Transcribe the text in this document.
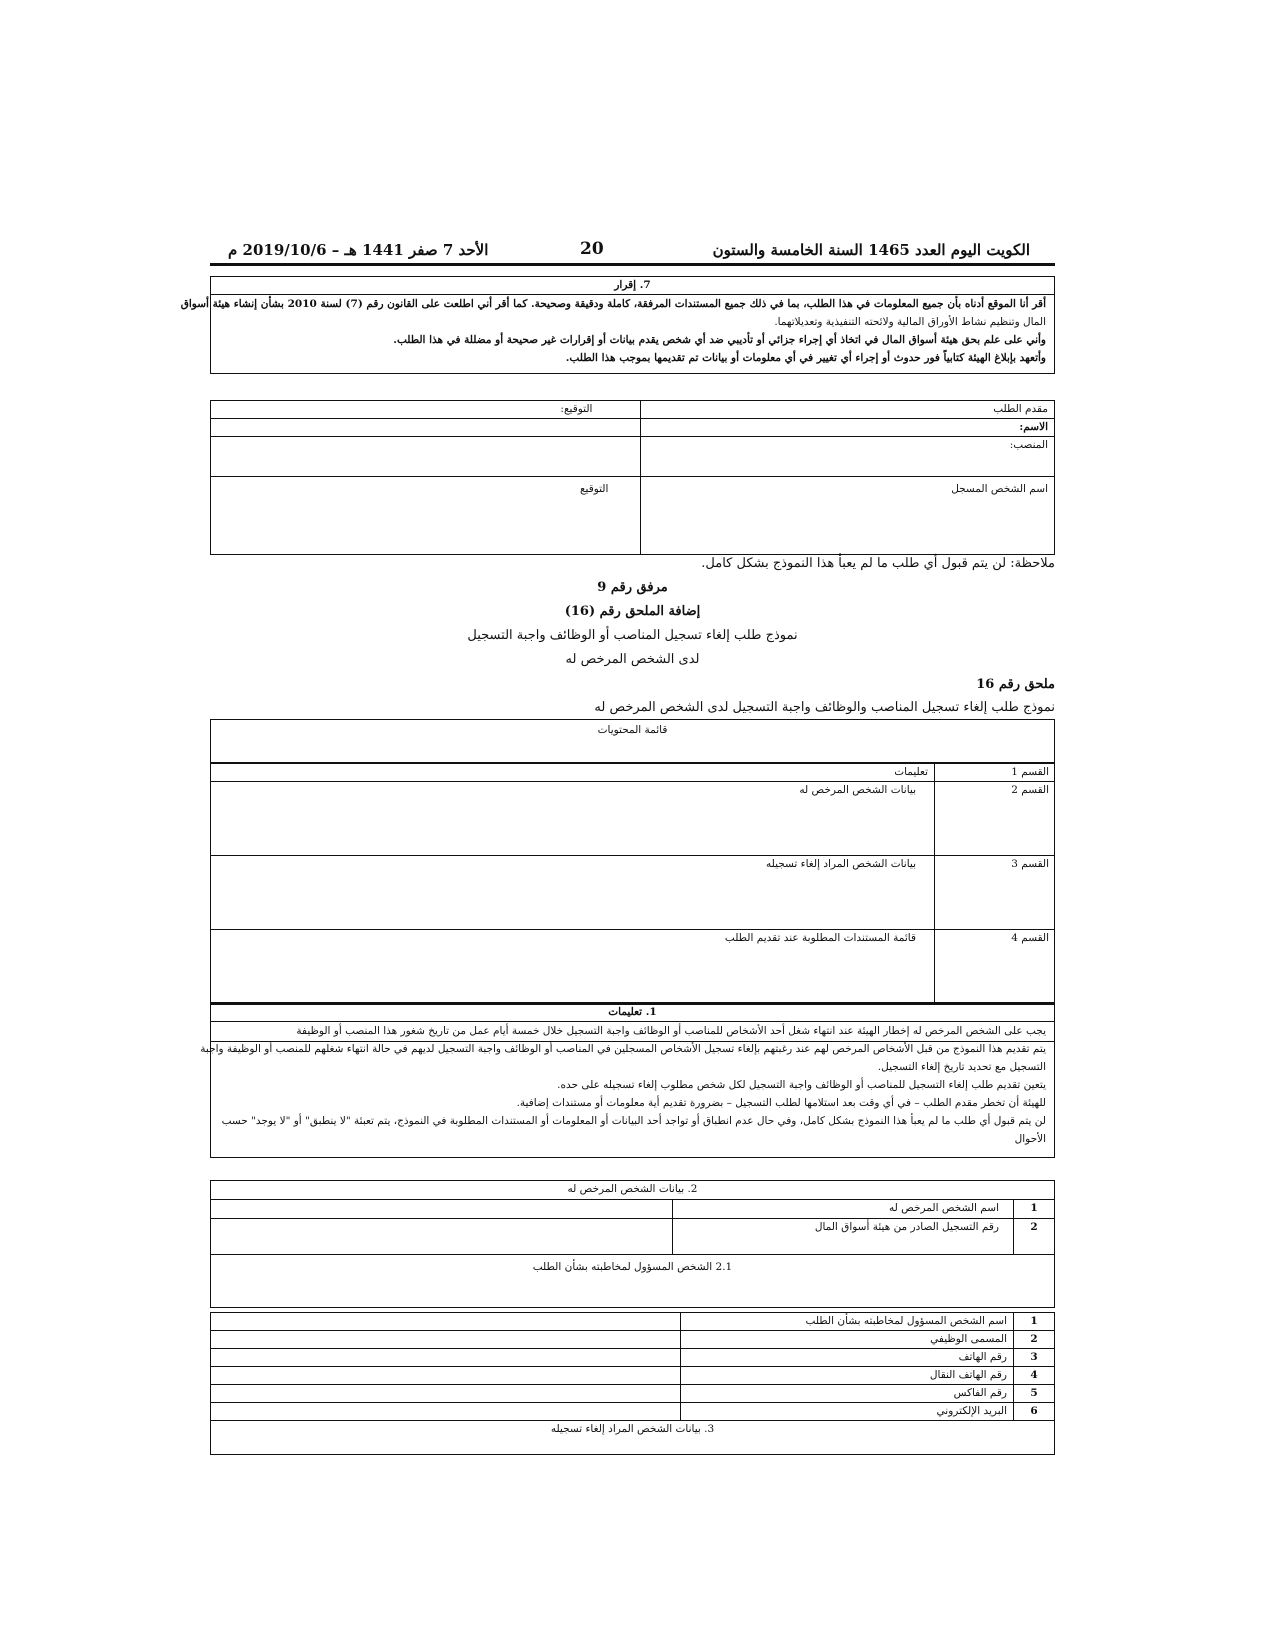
الكويت اليوم العدد 1465 السنة الخامسة والستون
20
الأحد 7 صفر 1441 هـ – 2019/10/6 م
7. إقرار

أقر أنا الموقع أدناه بأن جميع المعلومات في هذا الطلب، بما في ذلك جميع المستندات المرفقة، كاملة ودقيقة وصحيحة. كما أقر أني اطلعت على القانون رقم (7) لسنة 2010 بشأن إنشاء هيئة أسواق

المال وتنظيم نشاط الأوراق المالية ولائحته التنفيذية وتعديلاتهما.

وأني على علم بحق هيئة أسواق المال في اتخاذ أي إجراء جزائي أو تأديبي ضد أي شخص يقدم بيانات أو إقرارات غير صحيحة أو مضللة في هذا الطلب.

وأتعهد بإبلاغ الهيئة كتابياً فور حدوث أو إجراء أي تغيير في أي معلومات أو بيانات تم تقديمها بموجب هذا الطلب.

مقدم الطلب	التوقيع:
الاسم:	
المنصب:	
اسم الشخص المسجل	التوقيع
ملاحظة: لن يتم قبول أي طلب ما لم يعبأ هذا النموذج بشكل كامل.
مرفق رقم 9
إضافة الملحق رقم (16)
نموذج طلب إلغاء تسجيل المناصب أو الوظائف واجبة التسجيل
لدى الشخص المرخص له
ملحق رقم 16
نموذج طلب إلغاء تسجيل المناصب والوظائف واجبة التسجيل لدى الشخص المرخص له
قائمة المحتويات
القسم 1	تعليمات
القسم 2	بيانات الشخص المرخص له
القسم 3	بيانات الشخص المراد إلغاء تسجيله
القسم 4	قائمة المستندات المطلوبة عند تقديم الطلب
1. تعليمات

يجب على الشخص المرخص له إخطار الهيئة عند انتهاء شغل أحد الأشخاص للمناصب أو الوظائف واجبة التسجيل خلال خمسة أيام عمل من تاريخ شغور هذا المنصب أو الوظيفة

يتم تقديم هذا النموذج من قبل الأشخاص المرخص لهم عند رغبتهم بإلغاء تسجيل الأشخاص المسجلين في المناصب أو الوظائف واجبة التسجيل لديهم في حالة انتهاء شغلهم للمنصب أو الوظيفة واجبة

التسجيل مع تحديد تاريخ إلغاء التسجيل.

يتعين تقديم طلب إلغاء التسجيل للمناصب أو الوظائف واجبة التسجيل لكل شخص مطلوب إلغاء تسجيله على حده.

للهيئة أن تخطر مقدم الطلب – في أي وقت بعد استلامها لطلب التسجيل – بضرورة تقديم أية معلومات أو مستندات إضافية.

لن يتم قبول أي طلب ما لم يعبأ هذا النموذج بشكل كامل، وفي حال عدم انطباق أو تواجد أحد البيانات أو المعلومات أو المستندات المطلوبة في النموذج، يتم تعبئة "لا ينطبق" أو "لا يوجد" حسب

الأحوال

2. بيانات الشخص المرخص له		
1	اسم الشخص المرخص له	
2	رقم التسجيل الصادر من هيئة أسواق المال	
2.1 الشخص المسؤول لمخاطبته بشأن الطلب		
1	اسم الشخص المسؤول لمخاطبته بشأن الطلب	
2	المسمى الوظيفي	
3	رقم الهاتف	
4	رقم الهاتف النقال	
5	رقم الفاكس	
6	البريد الإلكتروني	
3. بيانات الشخص المراد إلغاء تسجيله		
